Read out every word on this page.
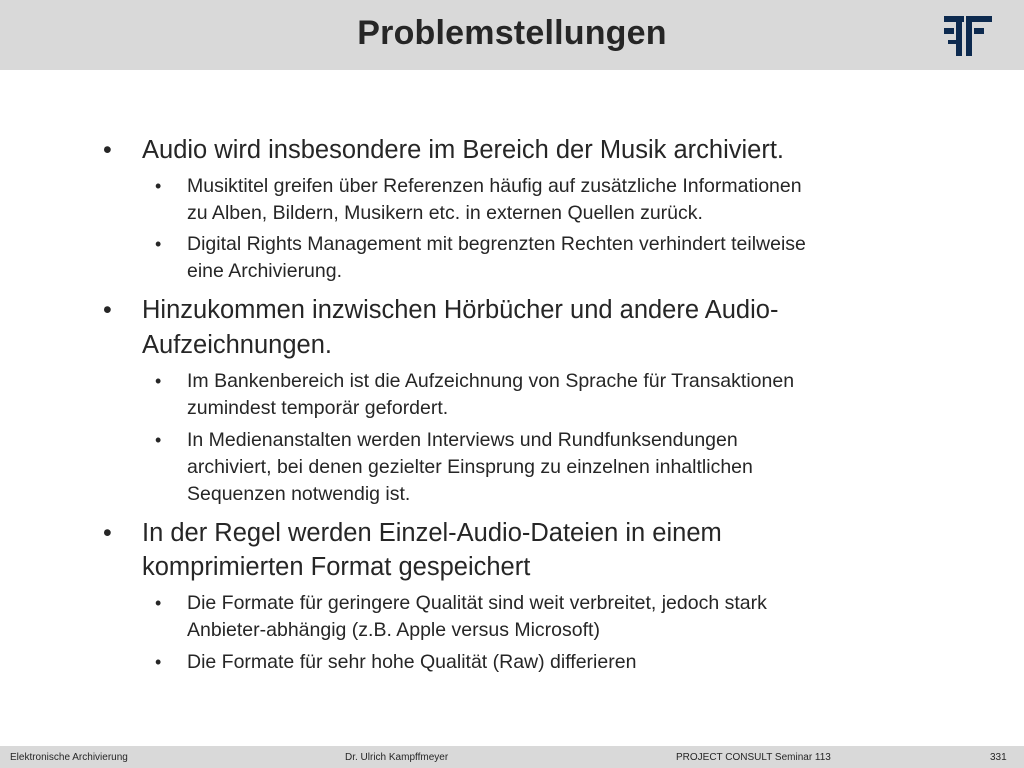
Problemstellungen
• Audio wird insbesondere im Bereich der Musik archiviert.
• Musiktitel greifen über Referenzen häufig auf zusätzliche Informationen
zu Alben, Bildern, Musikern etc. in externen Quellen zurück.
• Digital Rights Management mit begrenzten Rechten verhindert teilweise
eine Archivierung.
• Hinzukommen inzwischen Hörbücher und andere Audio-
Aufzeichnungen.
• Im Bankenbereich ist die Aufzeichnung von Sprache für Transaktionen
zumindest temporär gefordert.
• In Medienanstalten werden Interviews und Rundfunksendungen
archiviert, bei denen gezielter Einsprung zu einzelnen inhaltlichen
Sequenzen notwendig ist.
• In der Regel werden Einzel-Audio-Dateien in einem
komprimierten Format gespeichert
• Die Formate für geringere Qualität sind weit verbreitet, jedoch stark
Anbieter-abhängig (z.B. Apple versus Microsoft)
• Die Formate für sehr hohe Qualität (Raw) differieren
Elektronische Archivierung	Dr. Ulrich Kampffmeyer	PROJECT CONSULT Seminar 113	331
